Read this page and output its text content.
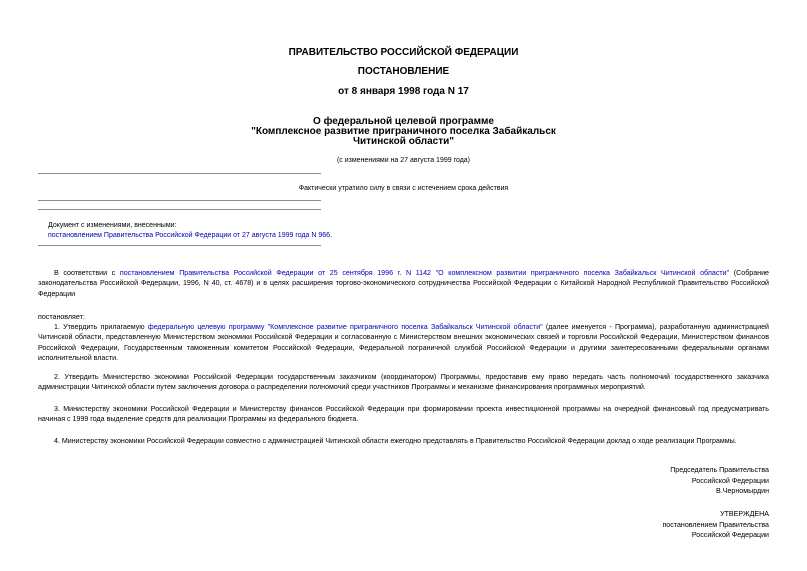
ПРАВИТЕЛЬСТВО РОССИЙСКОЙ ФЕДЕРАЦИИ
ПОСТАНОВЛЕНИЕ
от 8 января 1998 года N 17
О федеральной целевой программе
"Комплексное развитие приграничного поселка Забайкальск
Читинской области"
(с изменениями на 27 августа 1999 года)
Фактически утратило силу в связи с истечением срока действия
Документ с изменениями, внесенными:
постановлением Правительства Российской Федерации от 27 августа 1999 года N 966.
В соответствии с постановлением Правительства Российской Федерации от 25 сентября 1996 г. N 1142 "О комплексном развитии приграничного поселка Забайкальск Читинской области" (Собрание законодательства Российской Федерации, 1996, N 40, ст. 4678) и в целях расширения торгово-экономического сотрудничества Российской Федерации с Китайской Народной Республикой Правительство Российской Федерации
постановляет:
1. Утвердить прилагаемую федеральную целевую программу "Комплексное развитие приграничного поселка Забайкальск Читинской области" (далее именуется - Программа), разработанную администрацией Читинской области, представленную Министерством экономики Российской Федерации и согласованную с Министерством внешних экономических связей и торговли Российской Федерации, Министерством финансов Российской Федерации, Государственным таможенным комитетом Российской Федерации, Федеральной пограничной службой Российской Федерации и другими заинтересованными федеральными органами исполнительной власти.
2. Утвердить Министерство экономики Российской Федерации государственным заказчиком (координатором) Программы, предоставив ему право передать часть полномочий государственного заказчика администрации Читинской области путем заключения договора о распределении полномочий среди участников Программы и механизме финансирования программных мероприятий.
3. Министерству экономики Российской Федерации и Министерству финансов Российской Федерации при формировании проекта инвестиционной программы на очередной финансовый год предусматривать начиная с 1999 года выделение средств для реализации Программы из федерального бюджета.
4. Министерству экономики Российской Федерации совместно с администрацией Читинской области ежегодно представлять в Правительство Российской Федерации доклад о ходе реализации Программы.
Председатель Правительства
Российской Федерации
В.Черномырдин
УТВЕРЖДЕНА
постановлением Правительства
Российской Федерации
